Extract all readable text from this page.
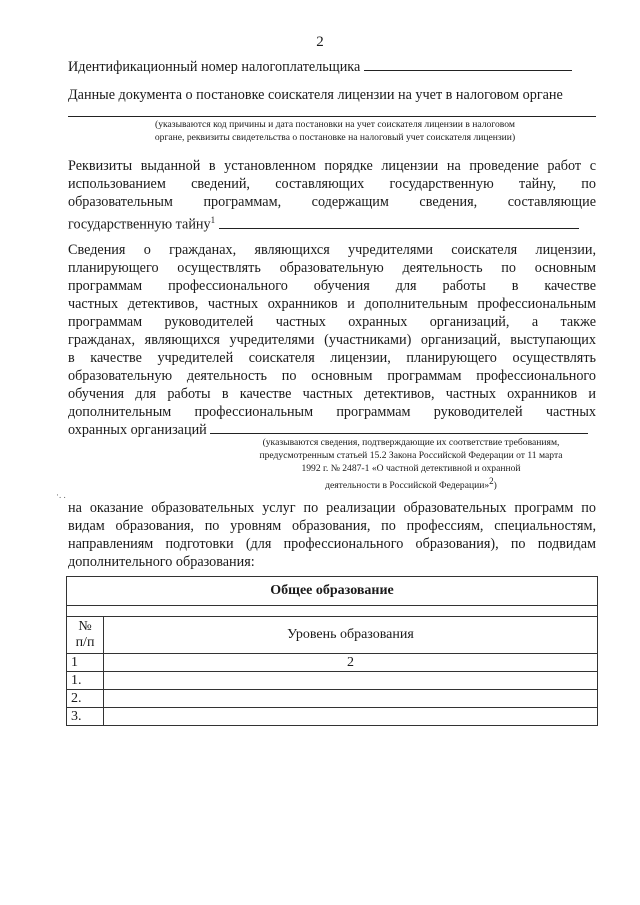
2
Идентификационный номер налогоплательщика
Данные документа о постановке соискателя лицензии на учет в налоговом органе
(указываются код причины и дата постановки на учет соискателя лицензии в налоговом
органе, реквизиты свидетельства о постановке на налоговый учет соискателя лицензии)
Реквизиты выданной в установленном порядке лицензии на проведение работ с
использованием сведений, составляющих государственную тайну, по
образовательным программам, содержащим сведения, составляющие
государственную тайну$^1$
Сведения о гражданах, являющихся учредителями соискателя лицензии,
планирующего осуществлять образовательную деятельность по основным
программам профессионального обучения для работы в качестве
частных детективов, частных охранников и дополнительным профессиональным
программам руководителей частных охранных организаций, а также
гражданах, являющихся учредителями (участниками) организаций, выступающих
в качестве учредителей соискателя лицензии, планирующего осуществлять
образовательную деятельность по основным программам профессионального
обучения для работы в качестве частных детективов, частных охранников и
дополнительным профессиональным программам руководителей частных
охранных организаций
(указываются сведения, подтверждающие их соответствие требованиям,
предусмотренным статьей 15.2 Закона Российской Федерации от 11 марта
1992 г. № 2487-1 «О частной детективной и охранной
деятельности в Российской Федерации»$^2$)
·. .
на оказание образовательных услуг по реализации образовательных программ по
видам образования, по уровням образования, по профессиям, специальностям,
направлениям подготовки (для профессионального образования), по подвидам
дополнительного образования:
Общее образование	

№
п/п	Уровень образования
1	2
1.	
2.	
3.	
